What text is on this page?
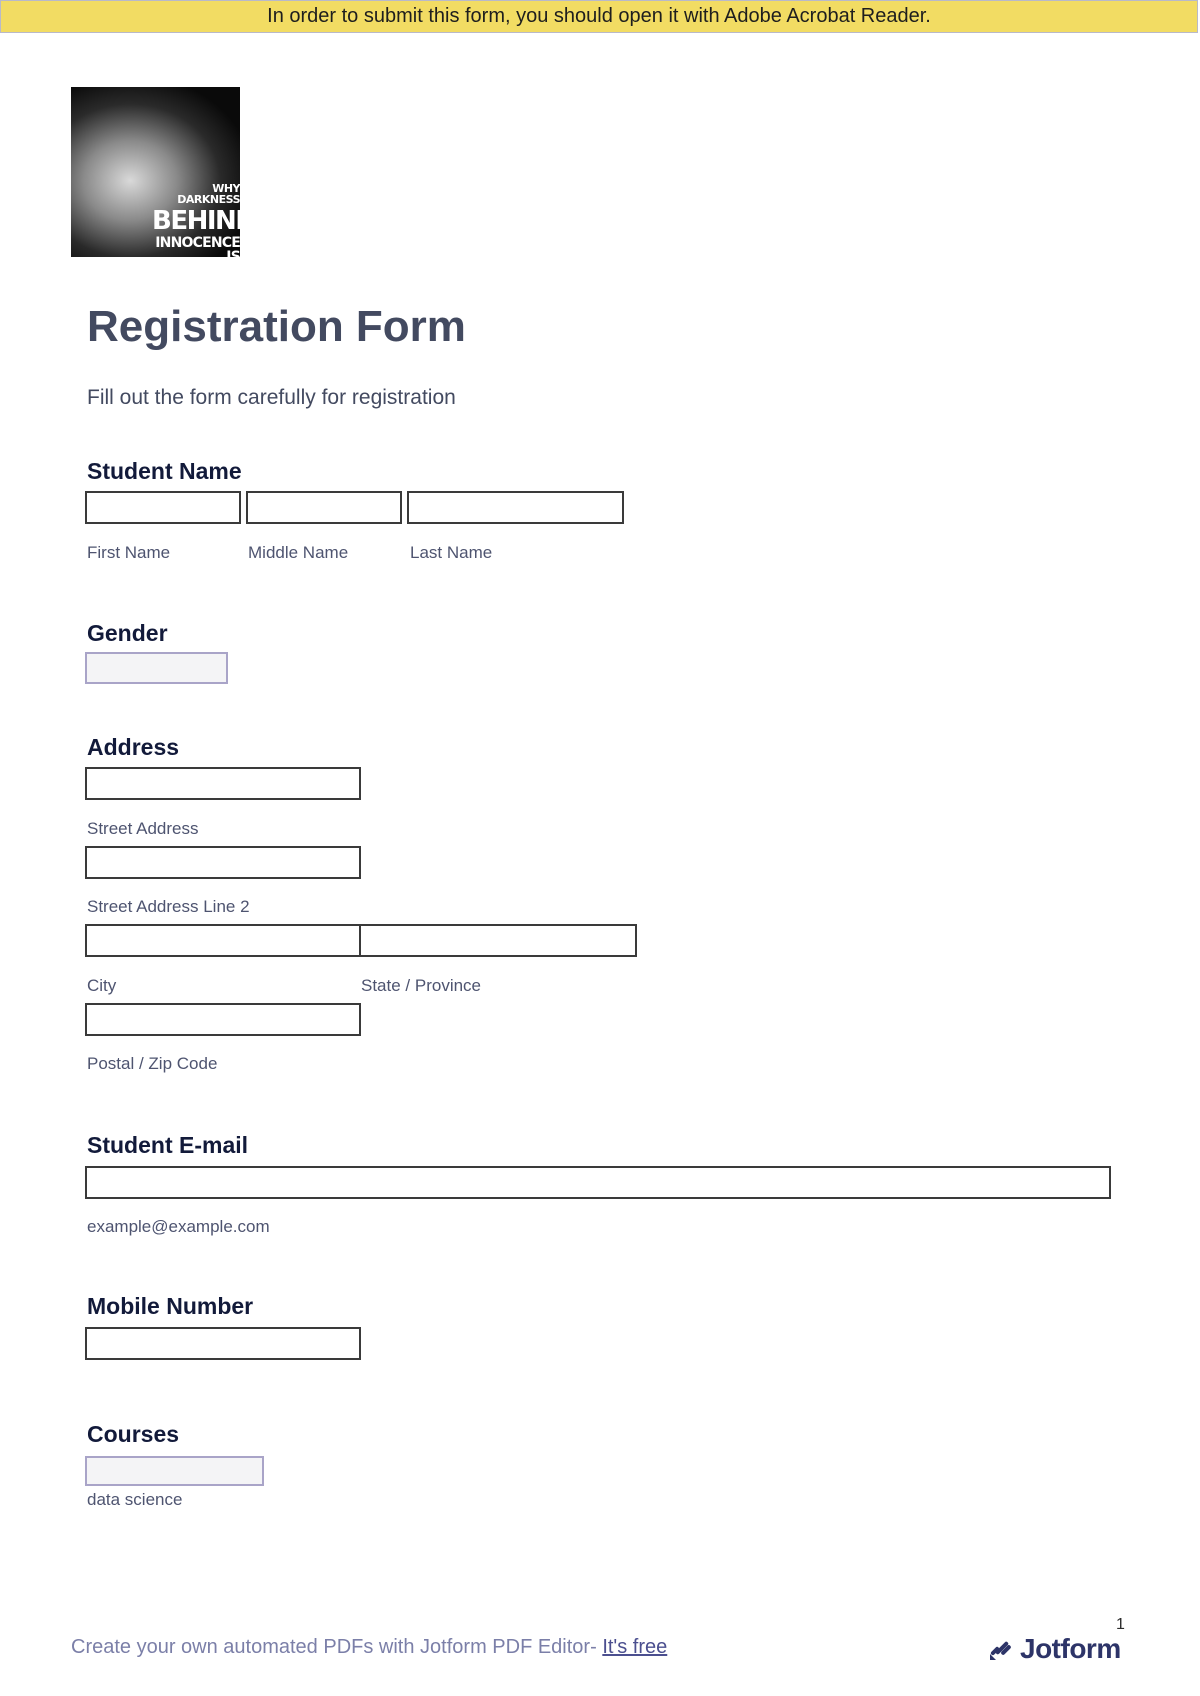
In order to submit this form, you should open it with Adobe Acrobat Reader.
WHY DARKNESS
BEHIND
INNOCENCE IS
Registration Form
Fill out the form carefully for registration
Student Name
First Name	Middle Name	Last Name
Gender
Address
Street Address
Street Address Line 2
City	State / Province
Postal / Zip Code
Student E-mail
example@example.com
Mobile Number
Courses
data science
Create your own automated PDFs with Jotform PDF Editor- It's free
1
Jotform
